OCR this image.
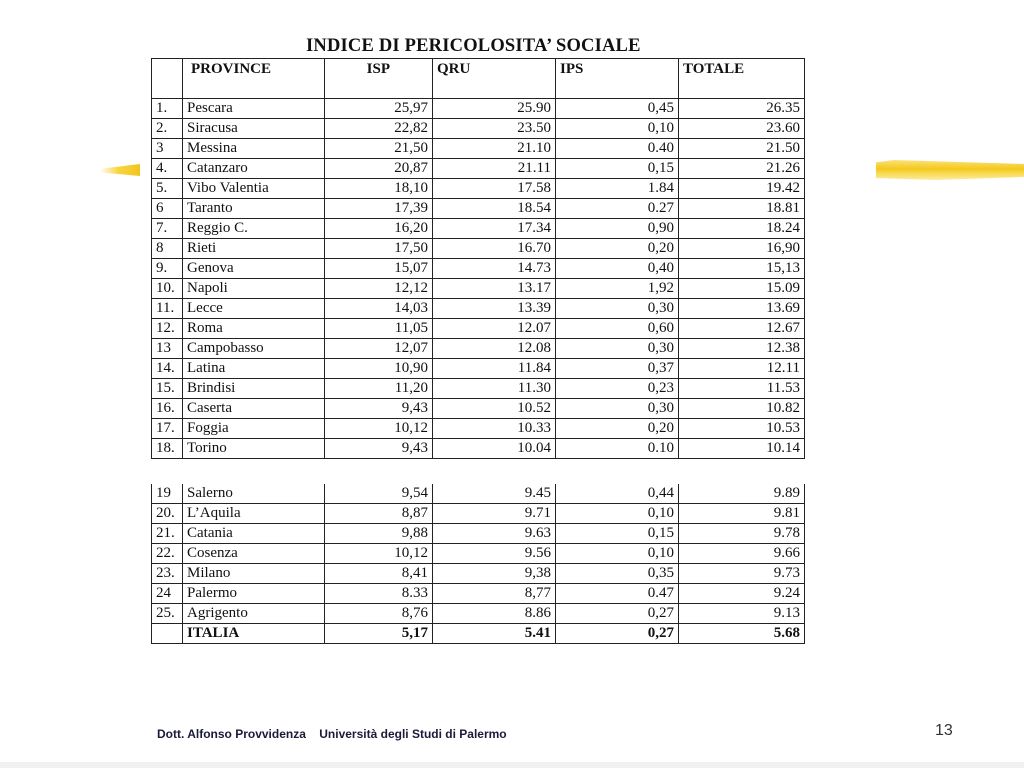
INDICE DI PERICOLOSITA’ SOCIALE
	PROVINCE	ISP	QRU	IPS	TOTALE
1.	Pescara	25,97	25.90	0,45	26.35
2.	Siracusa	22,82	23.50	0,10	23.60
3	Messina	21,50	21.10	0.40	21.50
4.	Catanzaro	20,87	21.11	0,15	21.26
5.	Vibo Valentia	18,10	17.58	1.84	19.42
6	Taranto	17,39	18.54	0.27	18.81
7.	Reggio C.	16,20	17.34	0,90	18.24
8	Rieti	17,50	16.70	0,20	16,90
9.	Genova	15,07	14.73	0,40	15,13
10.	Napoli	12,12	13.17	1,92	15.09
11.	Lecce	14,03	13.39	0,30	13.69
12.	Roma	11,05	12.07	0,60	12.67
13	Campobasso	12,07	12.08	0,30	12.38
14.	Latina	10,90	11.84	0,37	12.11
15.	Brindisi	11,20	11.30	0,23	11.53
16.	Caserta	9,43	10.52	0,30	10.82
17.	Foggia	10,12	10.33	0,20	10.53
18.	Torino	9,43	10.04	0.10	10.14
19	Salerno	9,54	9.45	0,44	9.89
20.	L’Aquila	8,87	9.71	0,10	9.81
21.	Catania	9,88	9.63	0,15	9.78
22.	Cosenza	10,12	9.56	0,10	9.66
23.	Milano	8,41	9,38	0,35	9.73
24	Palermo	8.33	8,77	0.47	9.24
25.	Agrigento	8,76	8.86	0,27	9.13
	ITALIA	5,17	5.41	0,27	5.68
Dott. Alfonso Provvidenza Università degli Studi di Palermo	13
